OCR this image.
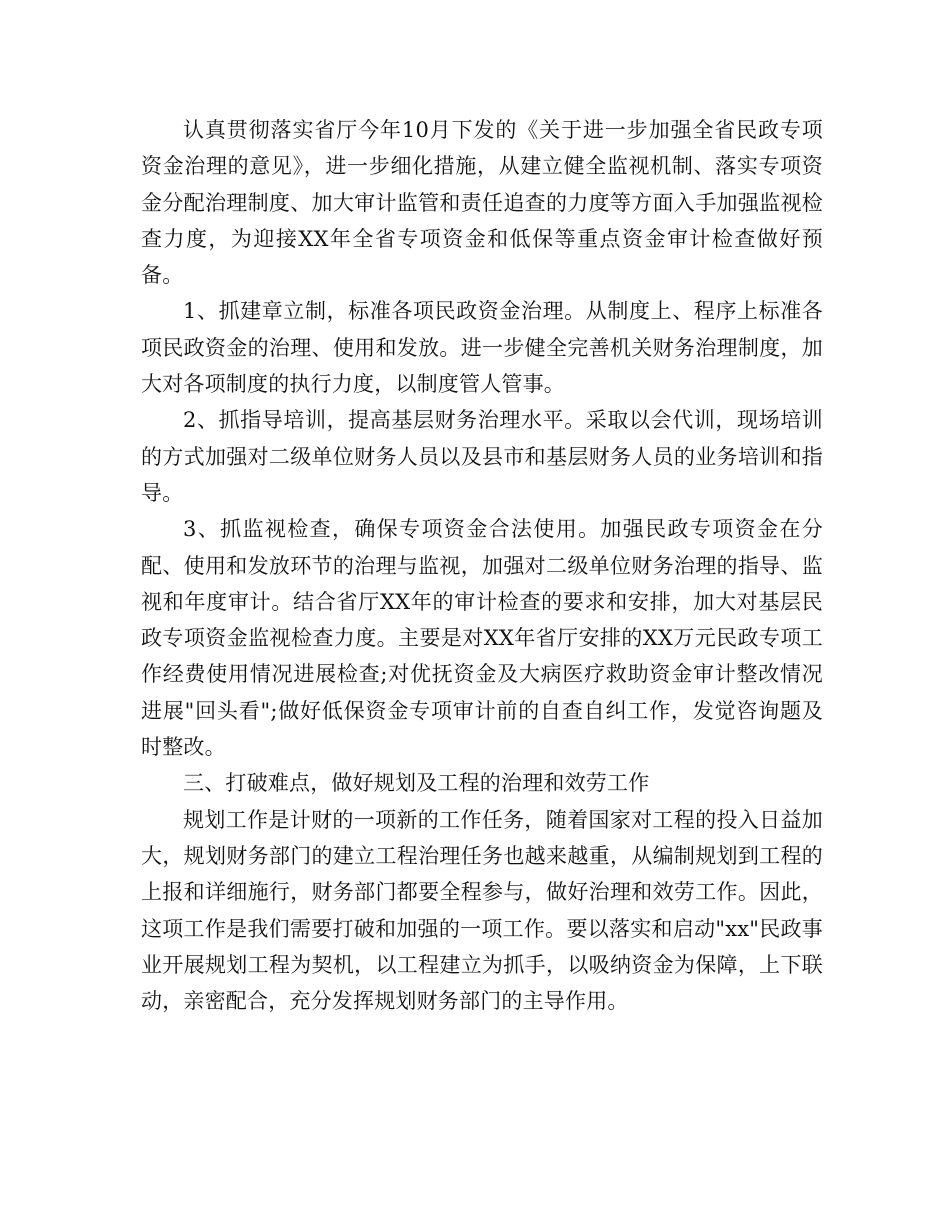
认真贯彻落实省厅今年10月下发的《关于进一步加强全省民政专项资金治理的意见》，进一步细化措施，从建立健全监视机制、落实专项资金分配治理制度、加大审计监管和责任追查的力度等方面入手加强监视检查力度，为迎接XX年全省专项资金和低保等重点资金审计检查做好预备。

1、抓建章立制，标准各项民政资金治理。从制度上、程序上标准各项民政资金的治理、使用和发放。进一步健全完善机关财务治理制度，加大对各项制度的执行力度，以制度管人管事。

2、抓指导培训，提高基层财务治理水平。采取以会代训，现场培训的方式加强对二级单位财务人员以及县市和基层财务人员的业务培训和指导。

3、抓监视检查，确保专项资金合法使用。加强民政专项资金在分配、使用和发放环节的治理与监视，加强对二级单位财务治理的指导、监视和年度审计。结合省厅XX年的审计检查的要求和安排，加大对基层民政专项资金监视检查力度。主要是对XX年省厅安排的XX万元民政专项工作经费使用情况进展检查;对优抚资金及大病医疗救助资金审计整改情况进展"回头看";做好低保资金专项审计前的自查自纠工作，发觉咨询题及时整改。

三、打破难点，做好规划及工程的治理和效劳工作

规划工作是计财的一项新的工作任务，随着国家对工程的投入日益加大，规划财务部门的建立工程治理任务也越来越重，从编制规划到工程的上报和详细施行，财务部门都要全程参与，做好治理和效劳工作。因此，这项工作是我们需要打破和加强的一项工作。要以落实和启动"xx"民政事业开展规划工程为契机，以工程建立为抓手，以吸纳资金为保障，上下联动，亲密配合，充分发挥规划财务部门的主导作用。
